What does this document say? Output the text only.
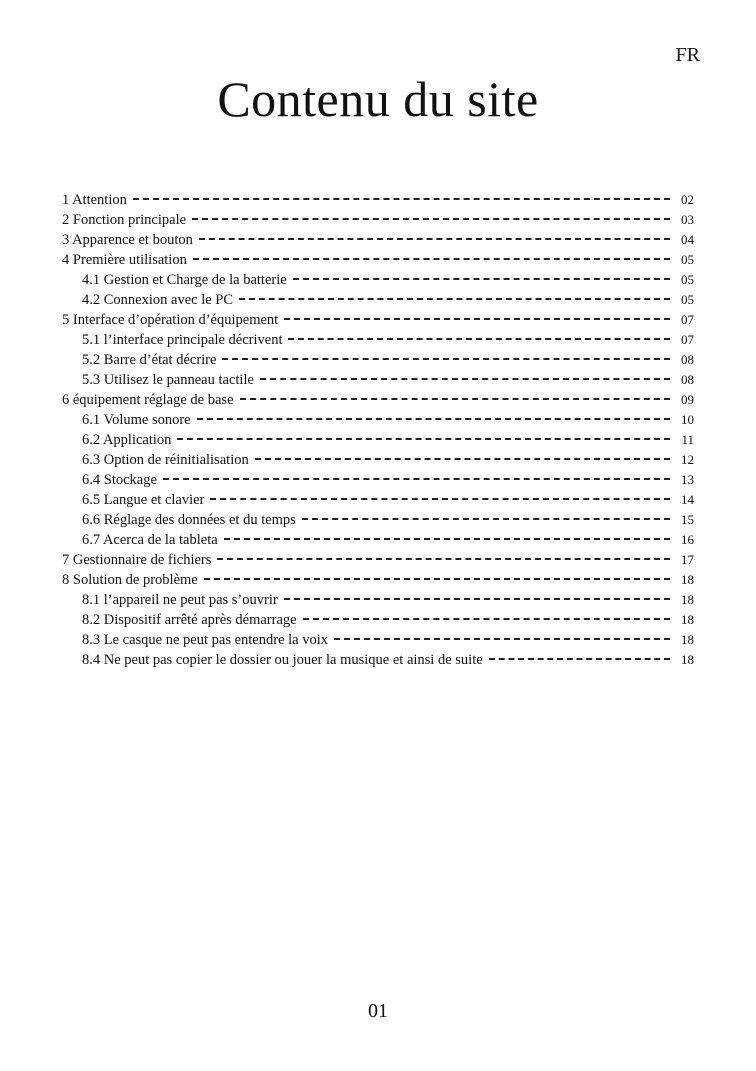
FR
Contenu du site
1 Attention	02
2 Fonction principale	03
3 Apparence et bouton	04
4 Première utilisation	05
4.1 Gestion et Charge de la batterie	05
4.2 Connexion avec le PC	05
5 Interface d’opération d’équipement	07
5.1 l’interface principale décrivent	07
5.2 Barre d’état décrire	08
5.3 Utilisez le panneau tactile	08
6 équipement réglage de base	09
6.1 Volume sonore	10
6.2 Application	11
6.3 Option de réinitialisation	12
6.4 Stockage	13
6.5 Langue et clavier	14
6.6 Réglage des données et du temps	15
6.7 Acerca de la tableta	16
7 Gestionnaire de fichiers	17
8 Solution de problème	18
8.1 l’appareil ne peut pas s’ouvrir	18
8.2 Dispositif arrêté après démarrage	18
8.3 Le casque ne peut pas entendre la voix	18
8.4 Ne peut pas copier le dossier ou jouer la musique et ainsi de suite	18
01
